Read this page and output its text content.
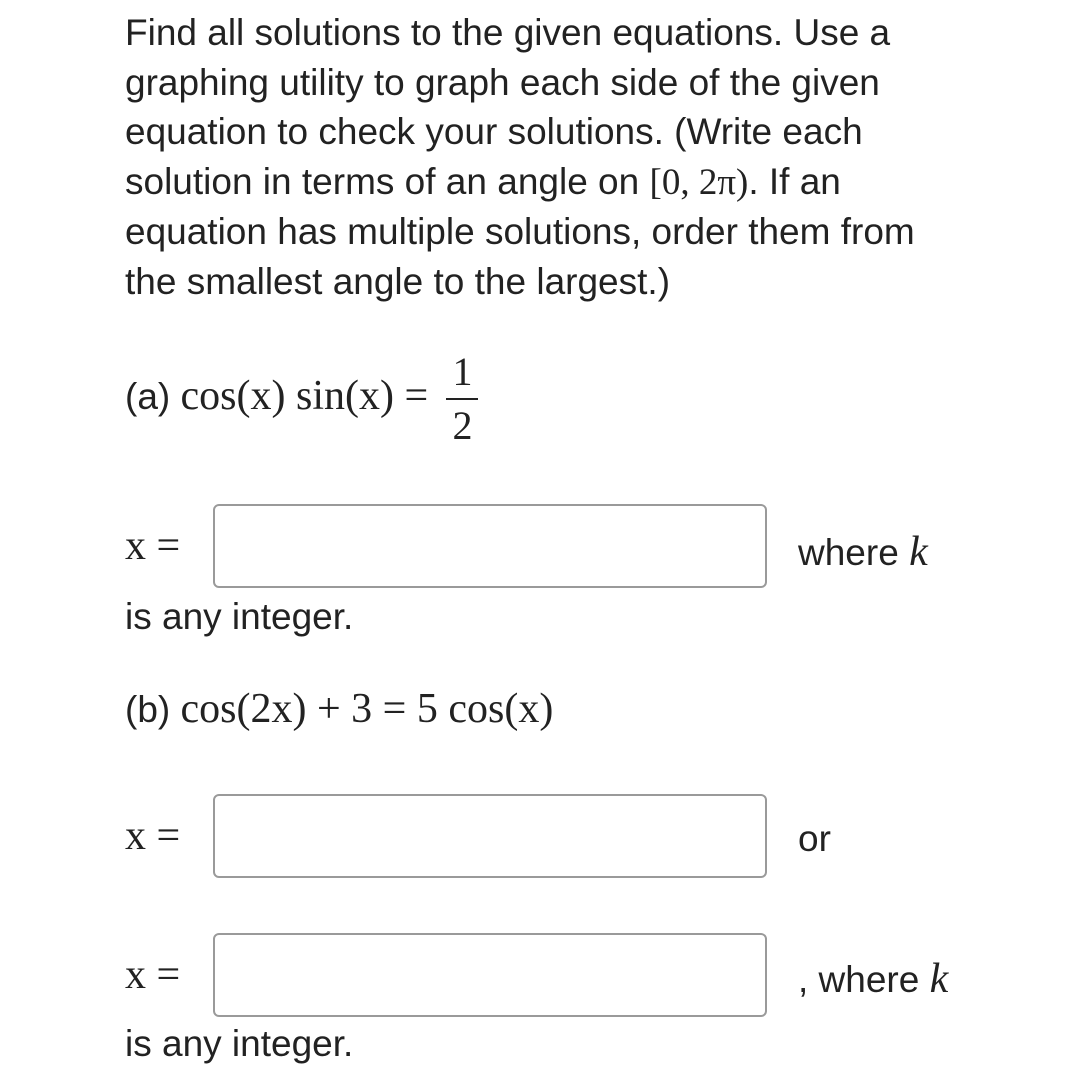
Find all solutions to the given equations. Use a graphing utility to graph each side of the given equation to check your solutions. (Write each solution in terms of an angle on [0, 2π). If an equation has multiple solutions, order them from the smallest angle to the largest.)

(a) cos(x) $\sin(x) = \frac{1}{2}$
x =	where k
is any integer.
(b) cos(2x) + 3 = 5 cos(x)
x =	or
x =	, where k
is any integer.
